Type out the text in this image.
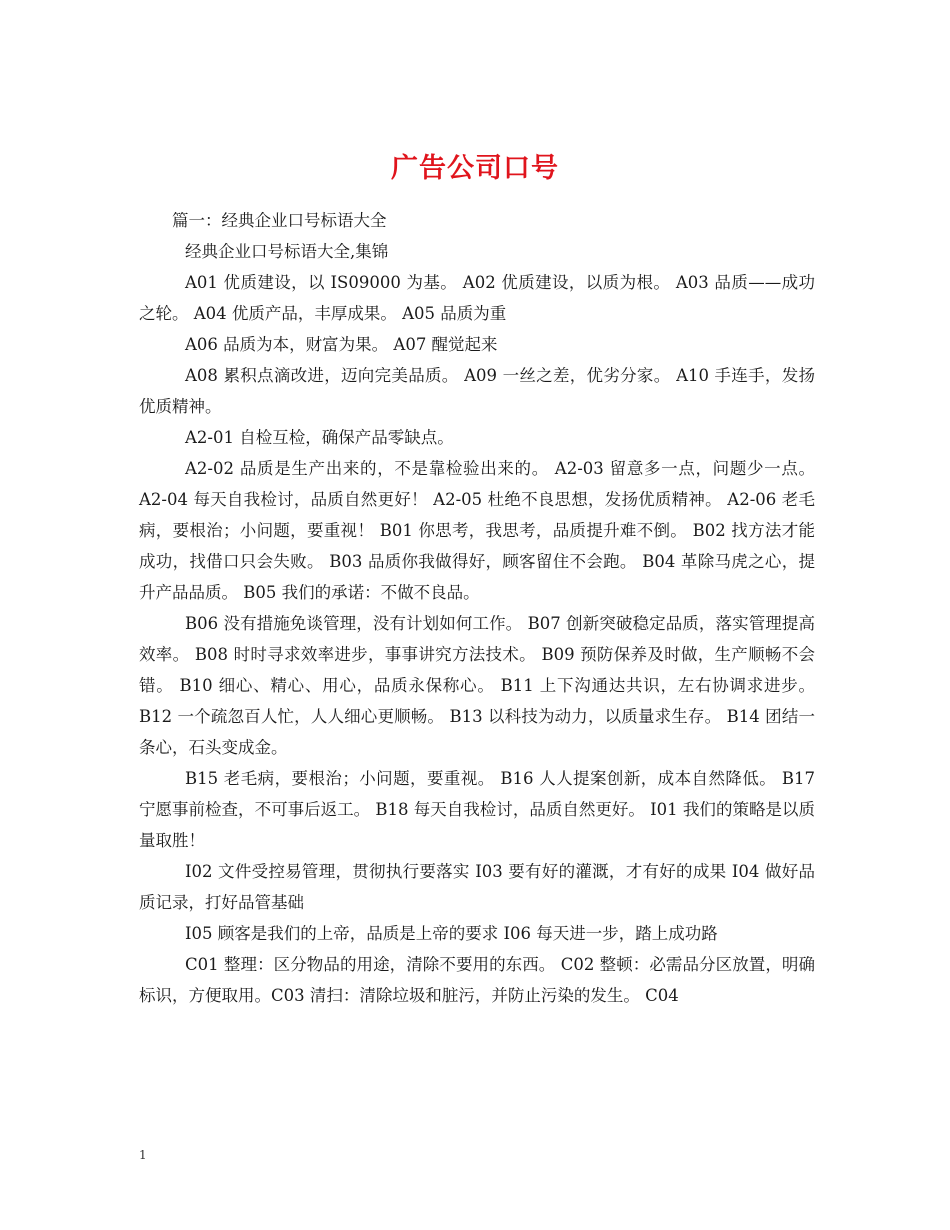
广告公司口号

篇一：经典企业口号标语大全

经典企业口号标语大全,集锦

A01 优质建设，以 IS09000 为基。 A02 优质建设，以质为根。 A03 品质——成功之轮。 A04 优质产品，丰厚成果。 A05 品质为重

A06 品质为本，财富为果。 A07 醒觉起来

A08 累积点滴改进，迈向完美品质。 A09 一丝之差，优劣分家。 A10 手连手，发扬优质精神。

A2-01 自检互检，确保产品零缺点。

A2-02 品质是生产出来的，不是靠检验出来的。 A2-03 留意多一点，问题少一点。 A2-04 每天自我检讨，品质自然更好！ A2-05 杜绝不良思想，发扬优质精神。 A2-06 老毛病，要根治；小问题，要重视！ B01 你思考，我思考，品质提升难不倒。 B02 找方法才能成功，找借口只会失败。 B03 品质你我做得好，顾客留住不会跑。 B04 革除马虎之心，提升产品品质。 B05 我们的承诺：不做不良品。

B06 没有措施免谈管理，没有计划如何工作。 B07 创新突破稳定品质，落实管理提高效率。 B08 时时寻求效率进步，事事讲究方法技术。 B09 预防保养及时做，生产顺畅不会错。 B10 细心、精心、用心，品质永保称心。 B11 上下沟通达共识，左右协调求进步。 B12 一个疏忽百人忙，人人细心更顺畅。 B13 以科技为动力，以质量求生存。 B14 团结一条心，石头变成金。

B15 老毛病，要根治；小问题，要重视。 B16 人人提案创新，成本自然降低。 B17 宁愿事前检查，不可事后返工。 B18 每天自我检讨，品质自然更好。 I01 我们的策略是以质量取胜！

I02 文件受控易管理，贯彻执行要落实 I03 要有好的灌溉，才有好的成果 I04 做好品质记录，打好品管基础

I05 顾客是我们的上帝，品质是上帝的要求 I06 每天进一步，踏上成功路

C01 整理：区分物品的用途，清除不要用的东西。 C02 整顿：必需品分区放置，明确标识，方便取用。C03 清扫：清除垃圾和脏污，并防止污染的发生。 C04

1
